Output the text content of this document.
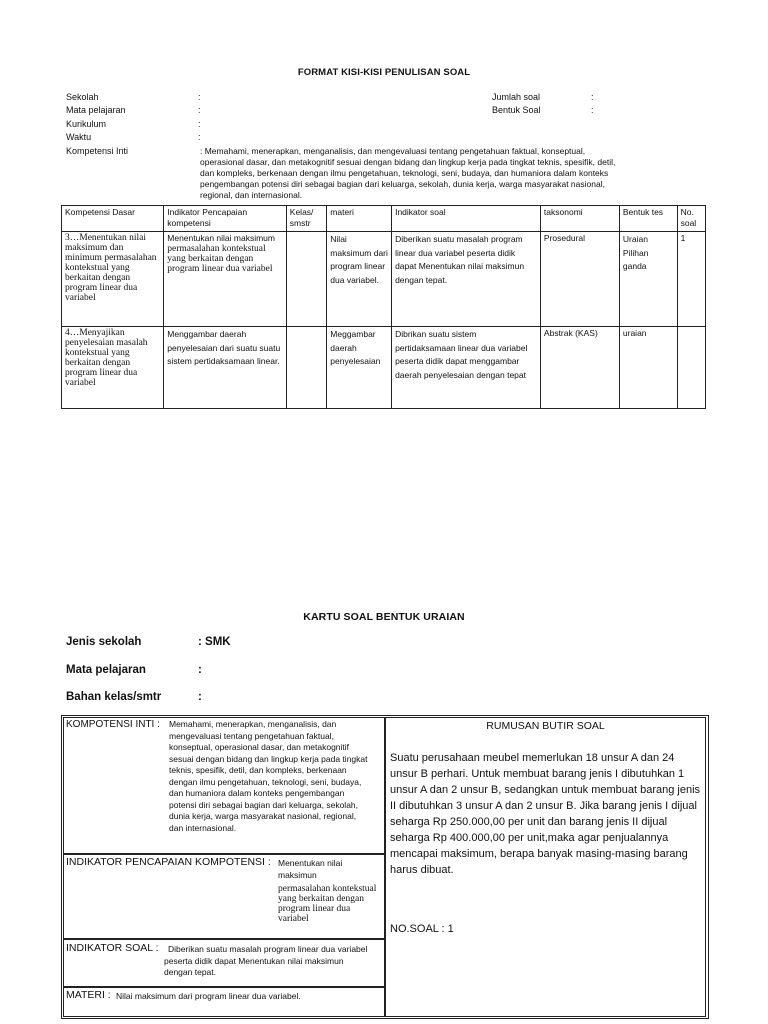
FORMAT KISI-KISI PENULISAN SOAL
Sekolah	:
Mata pelajaran	:
Kurikulum	:
Waktu	:
Jumlah soal	:
Bentuk Soal	:
Kompetensi Inti	: Memahami, menerapkan, menganalisis, dan mengevaluasi tentang pengetahuan faktual, konseptual,
operasional dasar, dan metakognitif sesuai dengan bidang dan lingkup kerja pada tingkat teknis, spesifik, detil,
dan kompleks, berkenaan dengan ilmu pengetahuan, teknologi, seni, budaya, dan humaniora dalam konteks
pengembangan potensi diri sebagai bagian dari keluarga, sekolah, dunia kerja, warga masyarakat nasional,
regional, dan internasional.
Kompetensi Dasar	Indikator Pencapaian kompetensi	Kelas/ smstr	materi	Indikator soal	taksonomi	Bentuk tes	No. soal

3…Menentukan nilai maksimum dan minimum permasalahan kontekstual yang berkaitan dengan program linear dua variabel	Menentukan nilai maksimum
permasalahan kontekstual yang berkaitan dengan program linear dua variabel		Nilai maksimum dari program linear dua variabel.	Diberikan suatu masalah program linear dua variabel peserta didik dapat Menentukan nilai maksimun dengan tepat.	Prosedural	Uraian Pilihan ganda	1

4…Menyajikan penyelesaian masalah kontekstual yang berkaitan dengan program linear dua variabel	Menggambar daerah penyelesaian dari suatu suatu sistem pertidaksamaan linear.		Meggambar daerah penyelesaian	Dibrikan suatu sistem pertidaksamaan linear dua variabel peserta didik dapat menggambar daerah penyelesaian dengan tepat	Abstrak (KAS)	uraian	
KARTU SOAL BENTUK URAIAN
Jenis sekolah	: SMK
Mata pelajaran	:
Bahan kelas/smtr	:
KOMPOTENSI INTI : Memahami, menerapkan, menganalisis, dan mengevaluasi tentang pengetahuan faktual, konseptual, operasional dasar, dan metakognitif sesuai dengan bidang dan lingkup kerja pada tingkat teknis, spesifik, detil, dan kompleks, berkenaan dengan ilmu pengetahuan, teknologi, seni, budaya, dan humaniora dalam konteks pengembangan potensi diri sebagai bagian dari keluarga, sekolah, dunia kerja, warga masyarakat nasional, regional, dan internasional.
INDIKATOR PENCAPAIAN KOMPOTENSI : Menentukan nilai maksimun
permasalahan kontekstual yang berkaitan dengan program linear dua variabel
INDIKATOR SOAL :	Diberikan suatu masalah program linear dua variabel peserta didik dapat Menentukan nilai maksimun dengan tepat.
MATERI : Nilai maksimum dari program linear dua variabel.
RUMUSAN BUTIR SOAL
Suatu perusahaan meubel memerlukan 18 unsur A dan 24 unsur B perhari. Untuk membuat barang jenis I dibutuhkan 1 unsur A dan 2 unsur B, sedangkan untuk membuat barang jenis II dibutuhkan 3 unsur A dan 2 unsur B. Jika barang jenis I dijual seharga Rp 250.000,00 per unit dan barang jenis II dijual seharga Rp 400.000,00 per unit,maka agar penjualannya mencapai maksimum, berapa banyak masing-masing barang harus dibuat.
NO.SOAL : 1
